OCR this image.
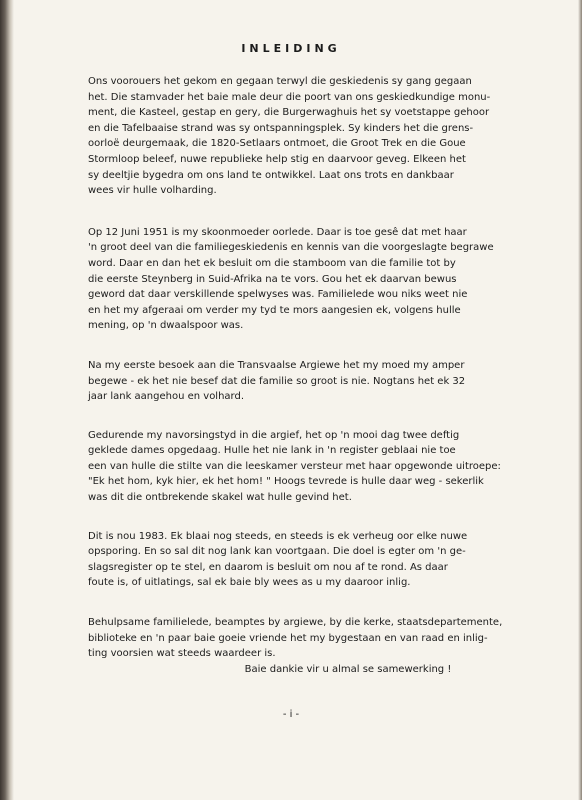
INLEIDING
Ons voorouers het gekom en gegaan terwyl die geskiedenis sy gang gegaan
het. Die stamvader het baie male deur die poort van ons geskiedkundige monu-
ment, die Kasteel, gestap en gery, die Burgerwaghuis het sy voetstappe gehoor
en die Tafelbaaise strand was sy ontspanningsplek. Sy kinders het die grens-
oorloë deurgemaak, die 1820-Setlaars ontmoet, die Groot Trek en die Goue
Stormloop beleef, nuwe republieke help stig en daarvoor geveg. Elkeen het
sy deeltjie bygedra om ons land te ontwikkel. Laat ons trots en dankbaar
wees vir hulle volharding.
Op 12 Juni 1951 is my skoonmoeder oorlede. Daar is toe gesê dat met haar
'n groot deel van die familiegeskiedenis en kennis van die voorgeslagte begrawe
word. Daar en dan het ek besluit om die stamboom van die familie tot by
die eerste Steynberg in Suid-Afrika na te vors. Gou het ek daarvan bewus
geword dat daar verskillende spelwyses was. Familielede wou niks weet nie
en het my afgeraai om verder my tyd te mors aangesien ek, volgens hulle
mening, op 'n dwaalspoor was.
Na my eerste besoek aan die Transvaalse Argiewe het my moed my amper
begewe - ek het nie besef dat die familie so groot is nie. Nogtans het ek 32
jaar lank aangehou en volhard.
Gedurende my navorsingstyd in die argief, het op 'n mooi dag twee deftig
geklede dames opgedaag. Hulle het nie lank in 'n register geblaai nie toe
een van hulle die stilte van die leeskamer versteur met haar opgewonde uitroepe:
"Ek het hom, kyk hier, ek het hom! " Hoogs tevrede is hulle daar weg - sekerlik
was dit die ontbrekende skakel wat hulle gevind het.
Dit is nou 1983. Ek blaai nog steeds, en steeds is ek verheug oor elke nuwe
opsporing. En so sal dit nog lank kan voortgaan. Die doel is egter om 'n ge-
slagsregister op te stel, en daarom is besluit om nou af te rond. As daar
foute is, of uitlatings, sal ek baie bly wees as u my daaroor inlig.
Behulpsame familielede, beamptes by argiewe, by die kerke, staatsdepartemente,
biblioteke en 'n paar baie goeie vriende het my bygestaan en van raad en inlig-
ting voorsien wat steeds waardeer is.
Baie dankie vir u almal se samewerking !
- i -
